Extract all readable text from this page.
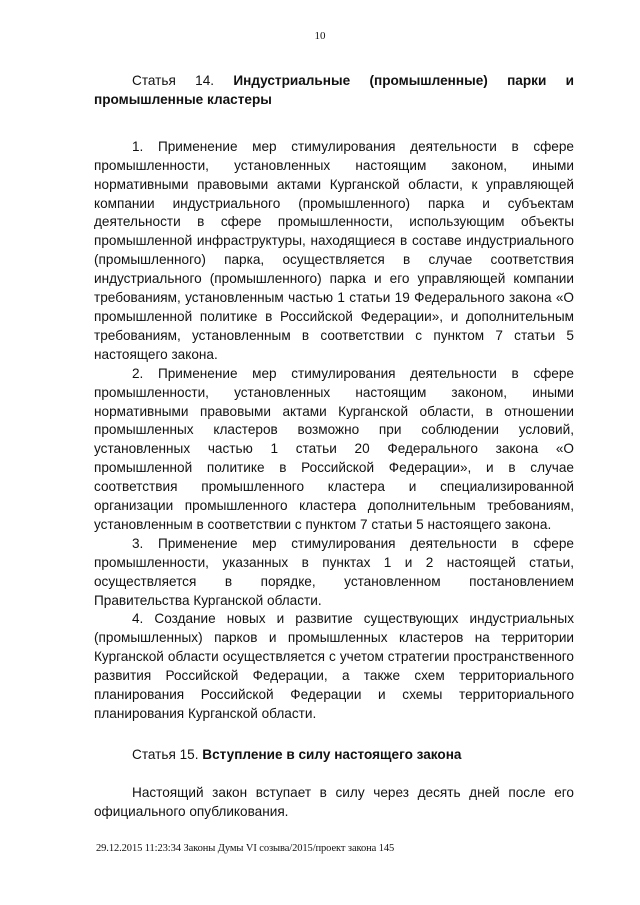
10

Статья 14. Индустриальные (промышленные) парки и промышленные кластеры

1. Применение мер стимулирования деятельности в сфере промышленности, установленных настоящим законом, иными нормативными правовыми актами Курганской области, к управляющей компании индустриального (промышленного) парка и субъектам деятельности в сфере промышленности, использующим объекты промышленной инфраструктуры, находящиеся в составе индустриального (промышленного) парка, осуществляется в случае соответствия индустриального (промышленного) парка и его управляющей компании требованиям, установленным частью 1 статьи 19 Федерального закона «О промышленной политике в Российской Федерации», и дополнительным требованиям, установленным в соответствии с пунктом 7 статьи 5 настоящего закона.

2. Применение мер стимулирования деятельности в сфере промышленности, установленных настоящим законом, иными нормативными правовыми актами Курганской области, в отношении промышленных кластеров возможно при соблюдении условий, установленных частью 1 статьи 20 Федерального закона «О промышленной политике в Российской Федерации», и в случае соответствия промышленного кластера и специализированной организации промышленного кластера дополнительным требованиям, установленным в соответствии с пунктом 7 статьи 5 настоящего закона.

3. Применение мер стимулирования деятельности в сфере промышленности, указанных в пунктах 1 и 2 настоящей статьи, осуществляется в порядке, установленном постановлением Правительства Курганской области.

4. Создание новых и развитие существующих индустриальных (промышленных) парков и промышленных кластеров на территории Курганской области осуществляется с учетом стратегии пространственного развития Российской Федерации, а также схем территориального планирования Российской Федерации и схемы территориального планирования Курганской области.

Статья 15. Вступление в силу настоящего закона

Настоящий закон вступает в силу через десять дней после его официального опубликования.

29.12.2015 11:23:34 Законы Думы VI созыва/2015/проект закона 145
